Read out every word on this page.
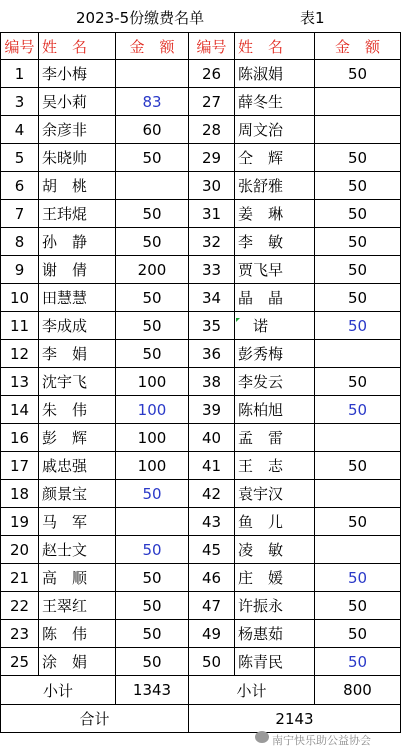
2023-5份缴费名单	表1
编号	姓　名	金　额	编号	姓　名	金　额
1	李小梅		26	陈淑娟	50
3	吴小莉	83	27	薛冬生	
4	余彦非	60	28	周文治	
5	朱晓帅	50	29	仝　辉	50
6	胡　桃		30	张舒雅	50
7	王玮焜	50	31	姜　琳	50
8	孙　静	50	32	李　敏	50
9	谢　倩	200	33	贾飞早	50
10	田慧慧	50	34	晶　晶	50
11	李成成	50	35	　诺	50
12	李　娟	50	36	彭秀梅	
13	沈宇飞	100	38	李发云	50
14	朱　伟	100	39	陈柏旭	50
16	彭　辉	100	40	孟　雷	
17	戚忠强	100	41	王　志	50
18	颜景宝	50	42	袁宇汉	
19	马　军		43	鱼　儿	50
20	赵士文	50	45	凌　敏	
21	高　顺	50	46	庄　媛	50
22	王翠红	50	47	许振永	50
23	陈　伟	50	49	杨惠茹	50
25	涂　娟	50	50	陈青民	50
小计		1343	小计		800
合计			2143		
南宁快乐助公益协会
